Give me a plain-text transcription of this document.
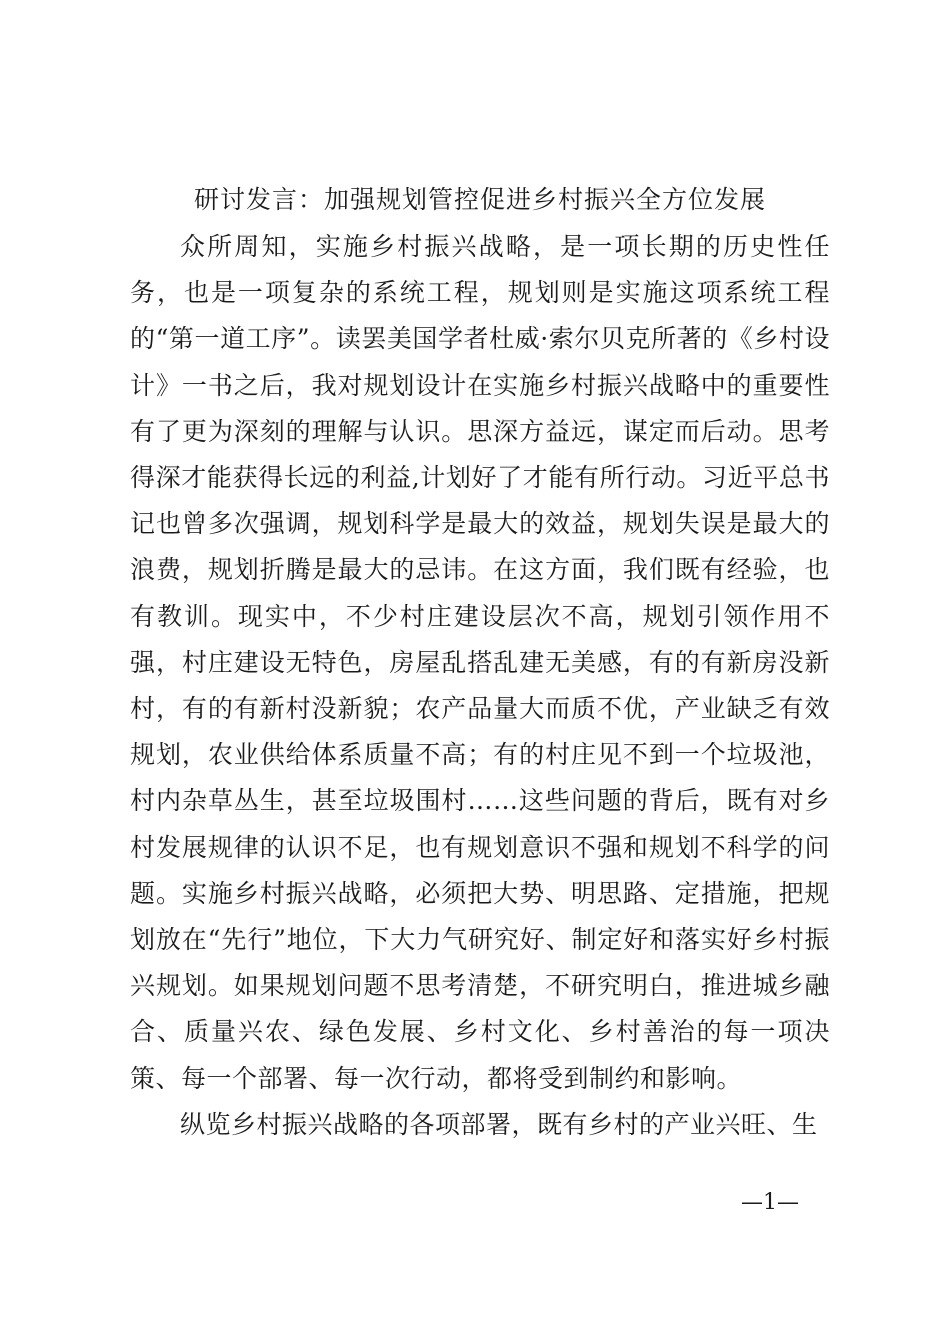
研讨发言：加强规划管控促进乡村振兴全方位发展

众所周知，实施乡村振兴战略，是一项长期的历史性任务，也是一项复杂的系统工程，规划则是实施这项系统工程的“第一道工序”。读罢美国学者杜威·索尔贝克所著的《乡村设计》一书之后，我对规划设计在实施乡村振兴战略中的重要性有了更为深刻的理解与认识。思深方益远，谋定而后动。思考得深才能获得长远的利益,计划好了才能有所行动。习近平总书记也曾多次强调，规划科学是最大的效益，规划失误是最大的浪费，规划折腾是最大的忌讳。在这方面，我们既有经验，也有教训。现实中，不少村庄建设层次不高，规划引领作用不强，村庄建设无特色，房屋乱搭乱建无美感，有的有新房没新村，有的有新村没新貌；农产品量大而质不优，产业缺乏有效规划，农业供给体系质量不高；有的村庄见不到一个垃圾池，村内杂草丛生，甚至垃圾围村……这些问题的背后，既有对乡村发展规律的认识不足，也有规划意识不强和规划不科学的问题。实施乡村振兴战略，必须把大势、明思路、定措施，把规划放在“先行”地位，下大力气研究好、制定好和落实好乡村振兴规划。如果规划问题不思考清楚，不研究明白，推进城乡融合、质量兴农、绿色发展、乡村文化、乡村善治的每一项决策、每一个部署、每一次行动，都将受到制约和影响。

纵览乡村振兴战略的各项部署，既有乡村的产业兴旺、生

—1—
